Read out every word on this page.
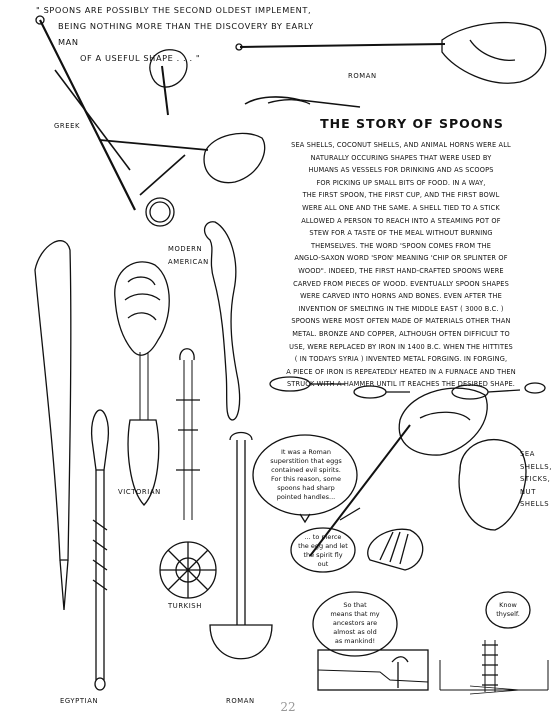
" SPOONS ARE POSSIBLY THE SECOND OLDEST IMPLEMENT,
BEING NOTHING MORE THAN THE DISCOVERY BY EARLY MAN
OF A USEFUL SHAPE . . . "
THE STORY OF SPOONS
SEA SHELLS, COCONUT SHELLS, AND ANIMAL HORNS WERE ALL
NATURALLY OCCURING SHAPES THAT WERE USED BY
HUMANS AS VESSELS FOR DRINKING AND AS SCOOPS
FOR PICKING UP SMALL BITS OF FOOD. IN A WAY,
THE FIRST SPOON, THE FIRST CUP, AND THE FIRST BOWL
WERE ALL ONE AND THE SAME. A SHELL TIED TO A STICK
ALLOWED A PERSON TO REACH INTO A STEAMING POT OF
STEW FOR A TASTE OF THE MEAL WITHOUT BURNING
THEMSELVES. THE WORD 'SPOON COMES FROM THE
ANGLO-SAXON WORD 'SPON' MEANING 'CHIP OR SPLINTER OF
WOOD". INDEED, THE FIRST HAND-CRAFTED SPOONS WERE
CARVED FROM PIECES OF WOOD. EVENTUALLY SPOON SHAPES
WERE CARVED INTO HORNS AND BONES. EVEN AFTER THE
INVENTION OF SMELTING IN THE MIDDLE EAST ( 3000 B.C. )
SPOONS WERE MOST OFTEN MADE OF MATERIALS OTHER THAN
METAL. BRONZE AND COPPER, ALTHOUGH OFTEN DIFFICULT TO
USE, WERE REPLACED BY IRON IN 1400 B.C. WHEN THE HITTITES
( IN TODAYS SYRIA ) INVENTED METAL FORGING. IN FORGING,
A PIECE OF IRON IS REPEATEDLY HEATED IN A FURNACE AND THEN
STRUCK WITH A HAMMER UNTIL IT REACHES THE DESIRED SHAPE.
ROMAN
GREEK
MODERN
AMERICAN
VICTORIAN
TURKISH
EGYPTIAN	ROMAN
SEA
SHELLS,
STICKS,
NUT
SHELLS
It was a Roman
superstition that eggs
contained evil spirits.
For this reason, some
spoons had sharp
pointed handles...
... to pierce
the egg and let
the spirit fly
out
So that
means that my
ancestors are
almost as old
as mankind!
Know
thyself.
22
